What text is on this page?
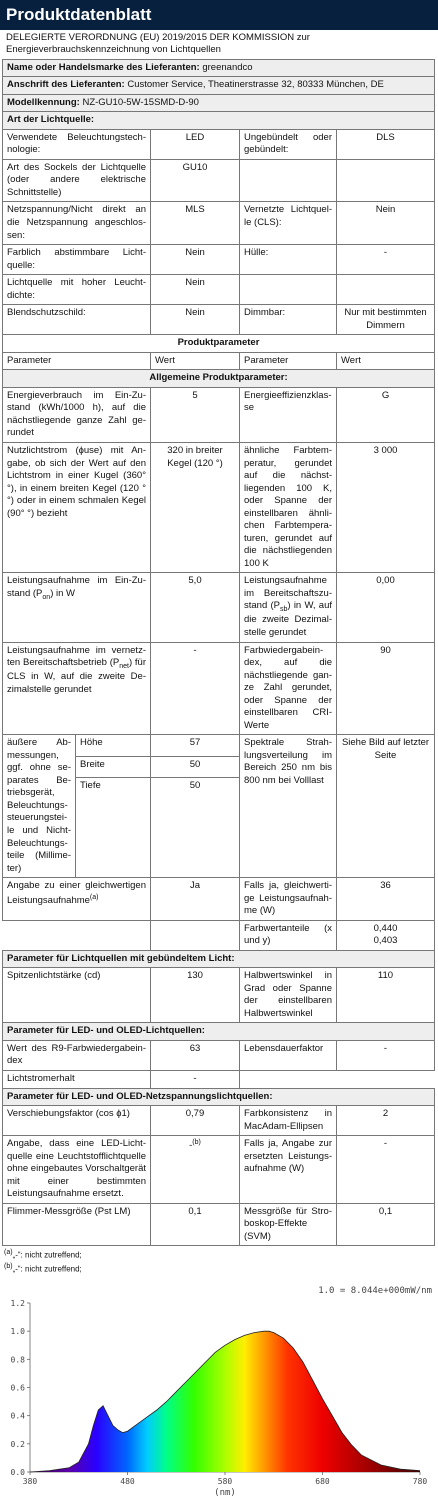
Produktdatenblatt
DELEGIERTE VERORDNUNG (EU) 2019/2015 DER KOMMISSION zur
Energieverbrauchskennzeichnung von Lichtquellen
Name oder Handelsmarke des Lieferanten: greenandco				
Anschrift des Lieferanten: Customer Service, Theatinerstrasse 32, 80333 München, DE				
Modellkennung: NZ-GU10-5W-15SMD-D-90				
Art der Lichtquelle:				
Verwendete Beleuchtungstechnologie:		LED	Ungebündelt oder gebündelt:	DLS
Art des Sockels der Lichtquelle (oder andere elektrische Schnittstelle)		GU10		
Netzspannung/Nicht direkt an die Netzspannung angeschlossen:		MLS	Vernetzte Lichtquelle (CLS):	Nein
Farblich abstimmbare Lichtquelle:		Nein	Hülle:	-
Lichtquelle mit hoher Leuchtdichte:		Nein		
Blendschutzschild:		Nein	Dimmbar:	Nur mit bestimmten Dimmern
Produktparameter				
Parameter		Wert	Parameter	Wert
Allgemeine Produktparameter:				
Energieverbrauch im Ein-Zustand (kWh/1000 h), auf die nächstliegende ganze Zahl gerundet		5	Energieeffizienzklasse	G
Nutzlichtstrom (ɸuse) mit Angabe, ob sich der Wert auf den Lichtstrom in einer Kugel (360° °), in einem breiten Kegel (120 °°) oder in einem schmalen Kegel (90° °) bezieht		320 in breiter Kegel (120 °)	ähnliche Farbtemperatur, gerundet auf die nächstliegenden 100 K, oder Spanne der einstellbaren ähnlichen Farbtemperaturen, gerundet auf die nächstliegenden 100 K	3 000
Leistungsaufnahme im Ein-Zustand $(P_{on})$ in W		5,0	Leistungsaufnahme im Bereitschaftszustand $(P_{sb})$ in W, auf die zweite Dezimalstelle gerundet	0,00
Leistungsaufnahme im vernetzten Bereitschaftsbetrieb $(P_{net})$ für CLS in W, auf die zweite Dezimalstelle gerundet		-	Farbwiedergabeindex, auf die nächstliegende ganze Zahl gerundet, oder Spanne der einstellbaren CRI-Werte	90
äußere Abmessungen, ggf. ohne separates Betriebsgerät, Beleuchtungssteuerungsteile und Nicht-Beleuchtungsteile (Millimeter)	Höhe	57	Spektrale Strahlungsverteilung im Bereich 250 nm bis 800 nm bei Volllast	Siehe Bild auf letzter Seite
	Breite	50		
	Tiefe	50		
Angabe zu einer gleichwertigen Leistungsaufnahme$^{(a)}$		Ja	Falls ja, gleichwertige Leistungsaufnahme (W)	36
			Farbwertanteile (x und y)	0,440
0,403

Parameter für Lichtquellen mit gebündeltem Licht:				
Spitzenlichtstärke (cd)		130	Halbwertswinkel in Grad oder Spanne der einstellbaren Halbwertswinkel	110
Parameter für LED- und OLED-Lichtquellen:				
Wert des R9-Farbwiedergabeindex		63	Lebensdauerfaktor	-
Lichtstromerhalt		-		
Parameter für LED- und OLED-Netzspannungslichtquellen:				
Verschiebungsfaktor (cos ɸ1)		0,79	Farbkonsistenz in MacAdam-Ellipsen	2
Angabe, dass eine LED-Lichtquelle eine Leuchtstofflichtquelle ohne eingebautes Vorschaltgerät mit einer bestimmten Leistungsaufnahme ersetzt.		-$^{(b)}$	Falls ja, Angabe zur ersetzten Leistungsaufnahme (W)	-
Flimmer-Messgröße (Pst LM)		0,1	Messgröße für Stroboskop-Effekte (SVM)	0,1
(a)„-“: nicht zutreffend;
(b)„-“: nicht zutreffend;
1.0 = 8.044e+000mW/nm
0.0
0.2
0.4
0.6
0.8
1.0
1.2
380	480	580	680	780
(nm)
